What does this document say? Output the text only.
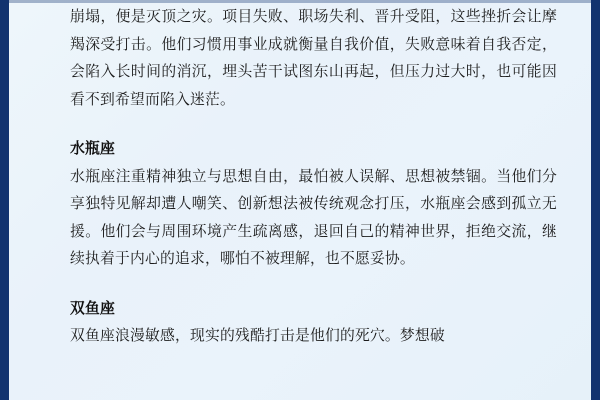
崩塌，便是灭顶之灾。项目失败、职场失利、晋升受阻，这些挫折会让摩羯深受打击。他们习惯用事业成就衡量自我价值，失败意味着自我否定，会陷入长时间的消沉，埋头苦干试图东山再起，但压力过大时，也可能因看不到希望而陷入迷茫。

水瓶座

水瓶座注重精神独立与思想自由，最怕被人误解、思想被禁锢。当他们分享独特见解却遭人嘲笑、创新想法被传统观念打压，水瓶座会感到孤立无援。他们会与周围环境产生疏离感，退回自己的精神世界，拒绝交流，继续执着于内心的追求，哪怕不被理解，也不愿妥协。

双鱼座

双鱼座浪漫敏感，现实的残酷打击是他们的死穴。梦想破
